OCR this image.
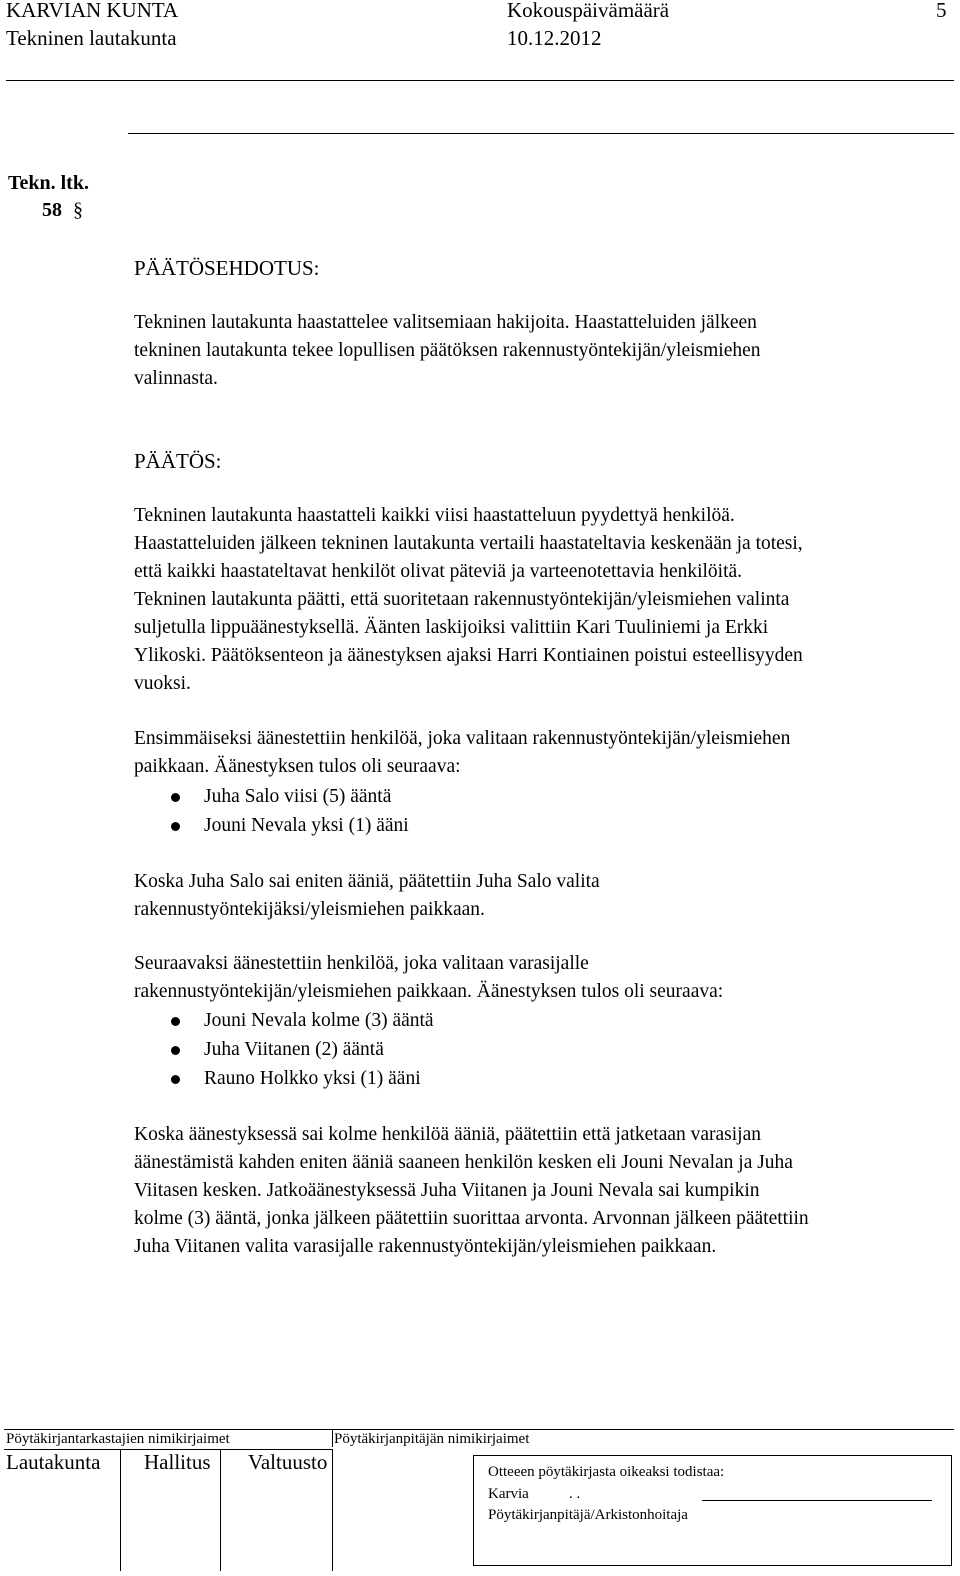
KARVIAN KUNTA	Kokouspäivämäärä	5
Tekninen lautakunta	10.12.2012
Tekn. ltk.
58 §
PÄÄTÖSEHDOTUS:
Tekninen lautakunta haastattelee valitsemiaan hakijoita. Haastatteluiden jälkeen
tekninen lautakunta tekee lopullisen päätöksen rakennustyöntekijän/yleismiehen
valinnasta.
PÄÄTÖS:
Tekninen lautakunta haastatteli kaikki viisi haastatteluun pyydettyä henkilöä.
Haastatteluiden jälkeen tekninen lautakunta vertaili haastateltavia keskenään ja totesi,
että kaikki haastateltavat henkilöt olivat päteviä ja varteenotettavia henkilöitä.
Tekninen lautakunta päätti, että suoritetaan rakennustyöntekijän/yleismiehen valinta
suljetulla lippuäänestyksellä. Äänten laskijoiksi valittiin Kari Tuuliniemi ja Erkki
Ylikoski. Päätöksenteon ja äänestyksen ajaksi Harri Kontiainen poistui esteellisyyden
vuoksi.
Ensimmäiseksi äänestettiin henkilöä, joka valitaan rakennustyöntekijän/yleismiehen
paikkaan. Äänestyksen tulos oli seuraava:
Juha Salo viisi (5) ääntä
Jouni Nevala yksi (1) ääni
Koska Juha Salo sai eniten ääniä, päätettiin Juha Salo valita
rakennustyöntekijäksi/yleismiehen paikkaan.
Seuraavaksi äänestettiin henkilöä, joka valitaan varasijalle
rakennustyöntekijän/yleismiehen paikkaan. Äänestyksen tulos oli seuraava:
Jouni Nevala kolme (3) ääntä
Juha Viitanen (2) ääntä
Rauno Holkko yksi (1) ääni
Koska äänestyksessä sai kolme henkilöä ääniä, päätettiin että jatketaan varasijan
äänestämistä kahden eniten ääniä saaneen henkilön kesken eli Jouni Nevalan ja Juha
Viitasen kesken. Jatkoäänestyksessä Juha Viitanen ja Jouni Nevala sai kumpikin
kolme (3) ääntä, jonka jälkeen päätettiin suorittaa arvonta. Arvonnan jälkeen päätettiin
Juha Viitanen valita varasijalle rakennustyöntekijän/yleismiehen paikkaan.
Pöytäkirjantarkastajien nimikirjaimet	Pöytäkirjanpitäjän nimikirjaimet
Lautakunta Hallitus Valtuusto	Otteeen pöytäkirjasta oikeaksi todistaa:
Karvia	. .
Pöytäkirjanpitäjä/Arkistonhoitaja
